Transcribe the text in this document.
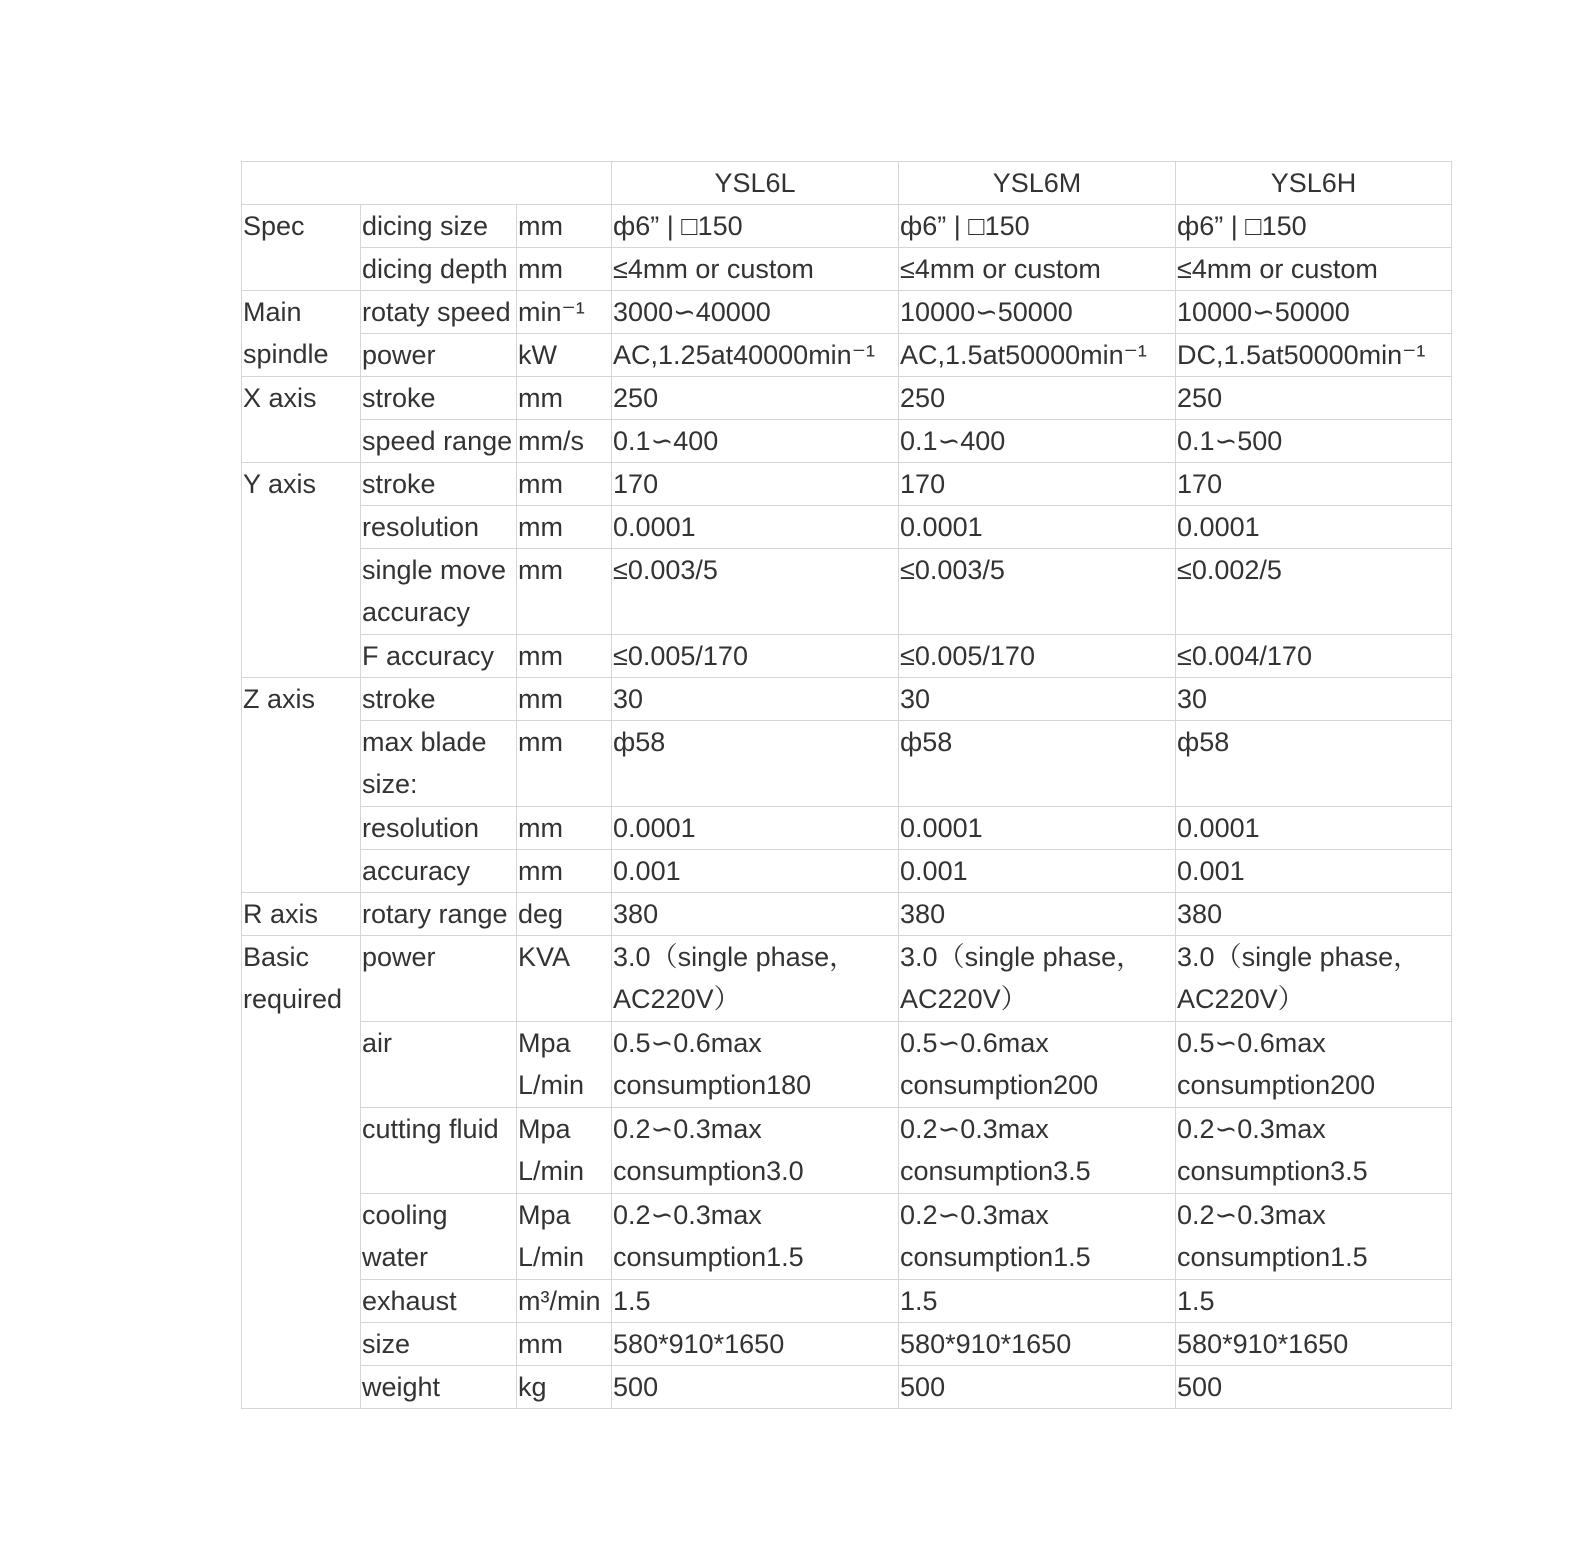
			YSL6L	YSL6M	YSL6H
Spec	dicing size	mm	ф6” | □150	ф6” | □150	ф6” | □150
	dicing depth	mm	≤4mm or custom	≤4mm or custom	≤4mm or custom
Main spindle	rotaty speed	min⁻¹	3000∽40000	10000∽50000	10000∽50000
	power	kW	AC,1.25at40000min⁻¹	AC,1.5at50000min⁻¹	DC,1.5at50000min⁻¹
X axis	stroke	mm	250	250	250
	speed range	mm/s	0.1∽400	0.1∽400	0.1∽500
Y axis	stroke	mm	170	170	170
	resolution	mm	0.0001	0.0001	0.0001
	single move accuracy	mm	≤0.003/5	≤0.003/5	≤0.002/5
	F accuracy	mm	≤0.005/170	≤0.005/170	≤0.004/170
Z axis	stroke	mm	30	30	30
	max blade size:	mm	ф58	ф58	ф58
	resolution	mm	0.0001	0.0001	0.0001
	accuracy	mm	0.001	0.001	0.001
R axis	rotary range	deg	380	380	380
Basic required	power	KVA	3.0（single phase，AC220V）	3.0（single phase，AC220V）	3.0（single phase，AC220V）
	air	Mpa L/min	0.5∽0.6max consumption180	0.5∽0.6max consumption200	0.5∽0.6max consumption200
	cutting fluid	Mpa L/min	0.2∽0.3max consumption3.0	0.2∽0.3max consumption3.5	0.2∽0.3max consumption3.5
	cooling water	Mpa L/min	0.2∽0.3max consumption1.5	0.2∽0.3max consumption1.5	0.2∽0.3max consumption1.5
	exhaust	m³/min	1.5	1.5	1.5
	size	mm	580*910*1650	580*910*1650	580*910*1650
	weight	kg	500	500	500
